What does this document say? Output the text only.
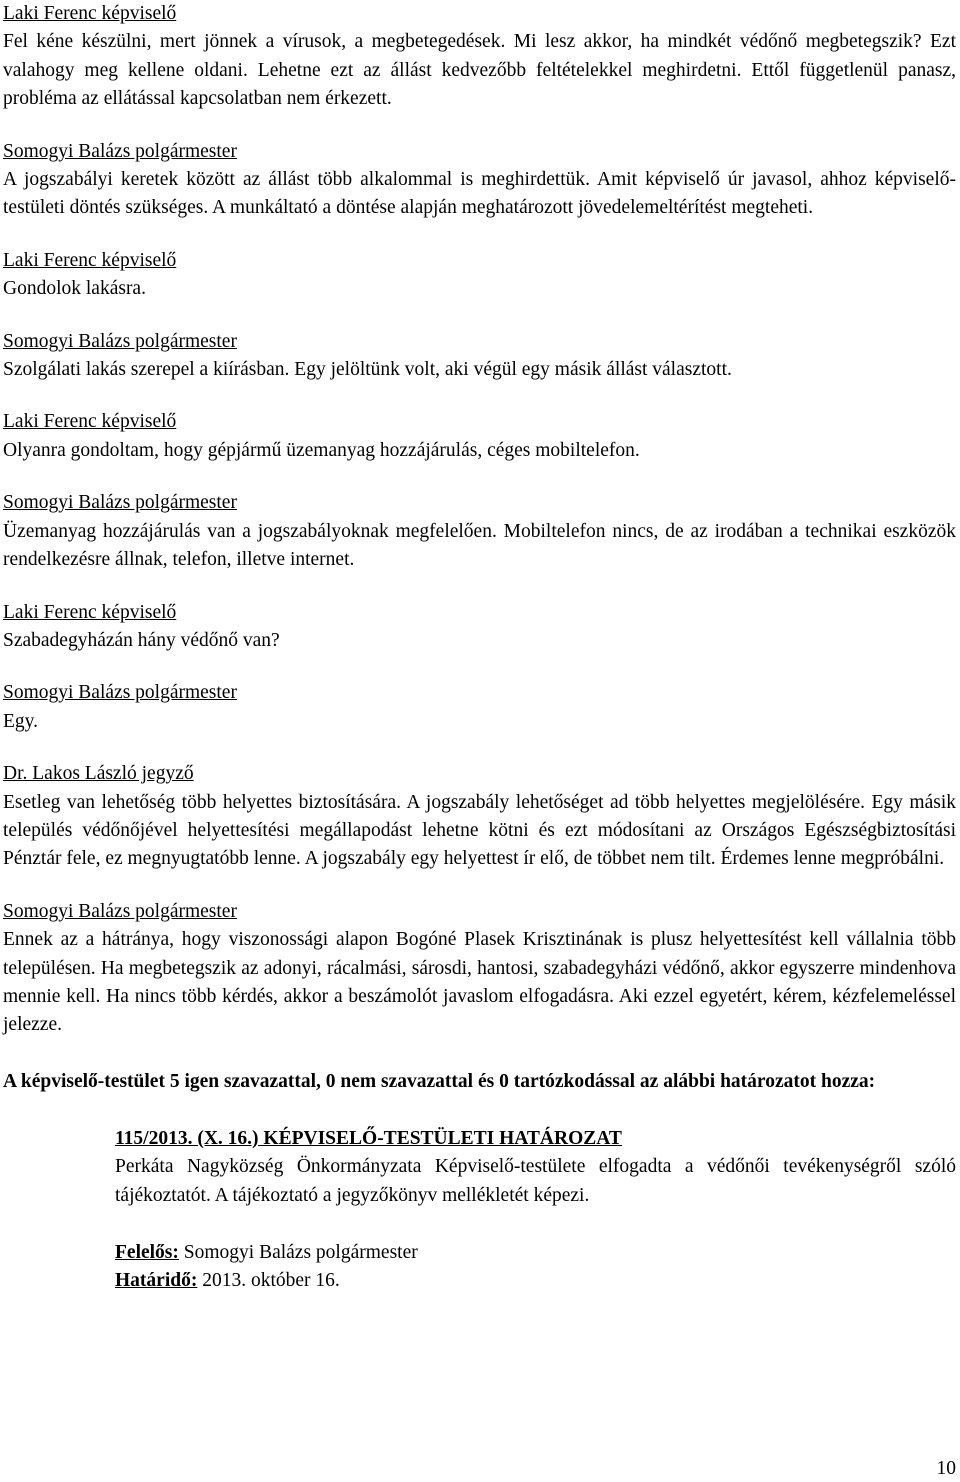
Laki Ferenc képviselő

Fel kéne készülni, mert jönnek a vírusok, a megbetegedések. Mi lesz akkor, ha mindkét védőnő megbetegszik? Ezt valahogy meg kellene oldani. Lehetne ezt az állást kedvezőbb feltételekkel meghirdetni. Ettől függetlenül panasz, probléma az ellátással kapcsolatban nem érkezett.

Somogyi Balázs polgármester

A jogszabályi keretek között az állást több alkalommal is meghirdettük. Amit képviselő úr javasol, ahhoz képviselő-testületi döntés szükséges. A munkáltató a döntése alapján meghatározott jövedelemeltérítést megteheti.

Laki Ferenc képviselő

Gondolok lakásra.

Somogyi Balázs polgármester

Szolgálati lakás szerepel a kiírásban. Egy jelöltünk volt, aki végül egy másik állást választott.

Laki Ferenc képviselő

Olyanra gondoltam, hogy gépjármű üzemanyag hozzájárulás, céges mobiltelefon.

Somogyi Balázs polgármester

Üzemanyag hozzájárulás van a jogszabályoknak megfelelően. Mobiltelefon nincs, de az irodában a technikai eszközök rendelkezésre állnak, telefon, illetve internet.

Laki Ferenc képviselő

Szabadegyházán hány védőnő van?

Somogyi Balázs polgármester

Egy.

Dr. Lakos László jegyző

Esetleg van lehetőség több helyettes biztosítására. A jogszabály lehetőséget ad több helyettes megjelölésére. Egy másik település védőnőjével helyettesítési megállapodást lehetne kötni és ezt módosítani az Országos Egészségbiztosítási Pénztár fele, ez megnyugtatóbb lenne. A jogszabály egy helyettest ír elő, de többet nem tilt. Érdemes lenne megpróbálni.

Somogyi Balázs polgármester

Ennek az a hátránya, hogy viszonossági alapon Bogóné Plasek Krisztinának is plusz helyettesítést kell vállalnia több településen. Ha megbetegszik az adonyi, rácalmási, sárosdi, hantosi, szabadegyházi védőnő, akkor egyszerre mindenhova mennie kell. Ha nincs több kérdés, akkor a beszámolót javaslom elfogadásra. Aki ezzel egyetért, kérem, kézfelemeléssel jelezze.

A képviselő-testület 5 igen szavazattal, 0 nem szavazattal és 0 tartózkodással az alábbi határozatot hozza:

115/2013. (X. 16.) KÉPVISELŐ-TESTÜLETI HATÁROZAT

Perkáta Nagyközség Önkormányzata Képviselő-testülete elfogadta a védőnői tevékenységről szóló tájékoztatót. A tájékoztató a jegyzőkönyv mellékletét képezi.

Felelős: Somogyi Balázs polgármester

Határidő: 2013. október 16.

10
